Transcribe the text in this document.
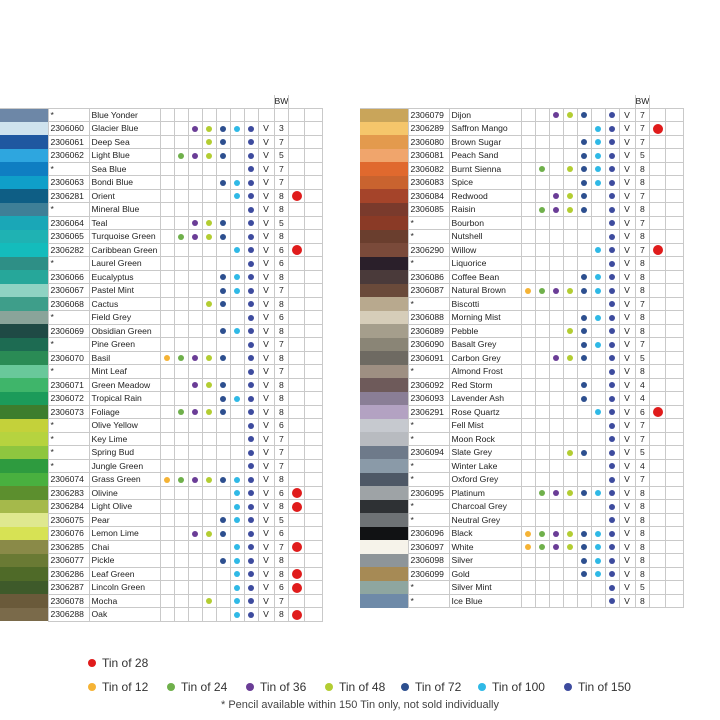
											BW		
	*	Blue Yonder											
	2306060	Glacier Blue								V	3		
	2306061	Deep Sea								V	7		
	2306062	Light Blue								V	5		
	*	Sea Blue								V	7		
	2306063	Bondi Blue								V	7		
	2306281	Orient								V	8		
	*	Mineral Blue								V	8		
	2306064	Teal								V	5		
	2306065	Turquoise Green								V	8		
	2306282	Caribbean Green								V	6		
	*	Laurel Green								V	6		
	2306066	Eucalyptus								V	8		
	2306067	Pastel Mint								V	7		
	2306068	Cactus								V	8		
	*	Field Grey								V	6		
	2306069	Obsidian Green								V	8		
	*	Pine Green								V	7		
	2306070	Basil								V	8		
	*	Mint Leaf								V	7		
	2306071	Green Meadow								V	8		
	2306072	Tropical Rain								V	8		
	2306073	Foliage								V	8		
	*	Olive Yellow								V	6		
	*	Key Lime								V	7		
	*	Spring Bud								V	7		
	*	Jungle Green								V	7		
	2306074	Grass Green								V	8		
	2306283	Olivine								V	6		
	2306284	Light Olive								V	8		
	2306075	Pear								V	5		
	2306076	Lemon Lime								V	6		
	2306285	Chai								V	7		
	2306077	Pickle								V	8		
	2306286	Leaf Green								V	8		
	2306287	Lincoln Green								V	6		
	2306078	Mocha								V	7		
	2306288	Oak								V	8		
											BW		
	2306079	Dijon								V	7		
	2306289	Saffron Mango								V	7		
	2306080	Brown Sugar								V	7		
	2306081	Peach Sand								V	5		
	2306082	Burnt Sienna								V	8		
	2306083	Spice								V	8		
	2306084	Redwood								V	7		
	2306085	Raisin								V	8		
	*	Bourbon								V	7		
	*	Nutshell								V	8		
	2306290	Willow								V	7		
	*	Liquorice								V	8		
	2306086	Coffee Bean								V	8		
	2306087	Natural Brown								V	8		
	*	Biscotti								V	7		
	2306088	Morning Mist								V	8		
	2306089	Pebble								V	8		
	2306090	Basalt Grey								V	7		
	2306091	Carbon Grey								V	5		
	*	Almond Frost								V	8		
	2306092	Red Storm								V	4		
	2306093	Lavender Ash								V	4		
	2306291	Rose Quartz								V	6		
	*	Fell Mist								V	7		
	*	Moon Rock								V	7		
	2306094	Slate Grey								V	5		
	*	Winter Lake								V	4		
	*	Oxford Grey								V	7		
	2306095	Platinum								V	8		
	*	Charcoal Grey								V	8		
	*	Neutral Grey								V	8		
	2306096	Black								V	8		
	2306097	White								V	8		
	2306098	Silver								V	8		
	2306099	Gold								V	8		
	*	Silver Mint								V	5		
	*	Ice Blue								V	8		
Tin of 28
Tin of 12	Tin of 24	Tin of 36	Tin of 48	Tin of 72	Tin of 100	Tin of 150
* Pencil available within 150 Tin only, not sold individually
